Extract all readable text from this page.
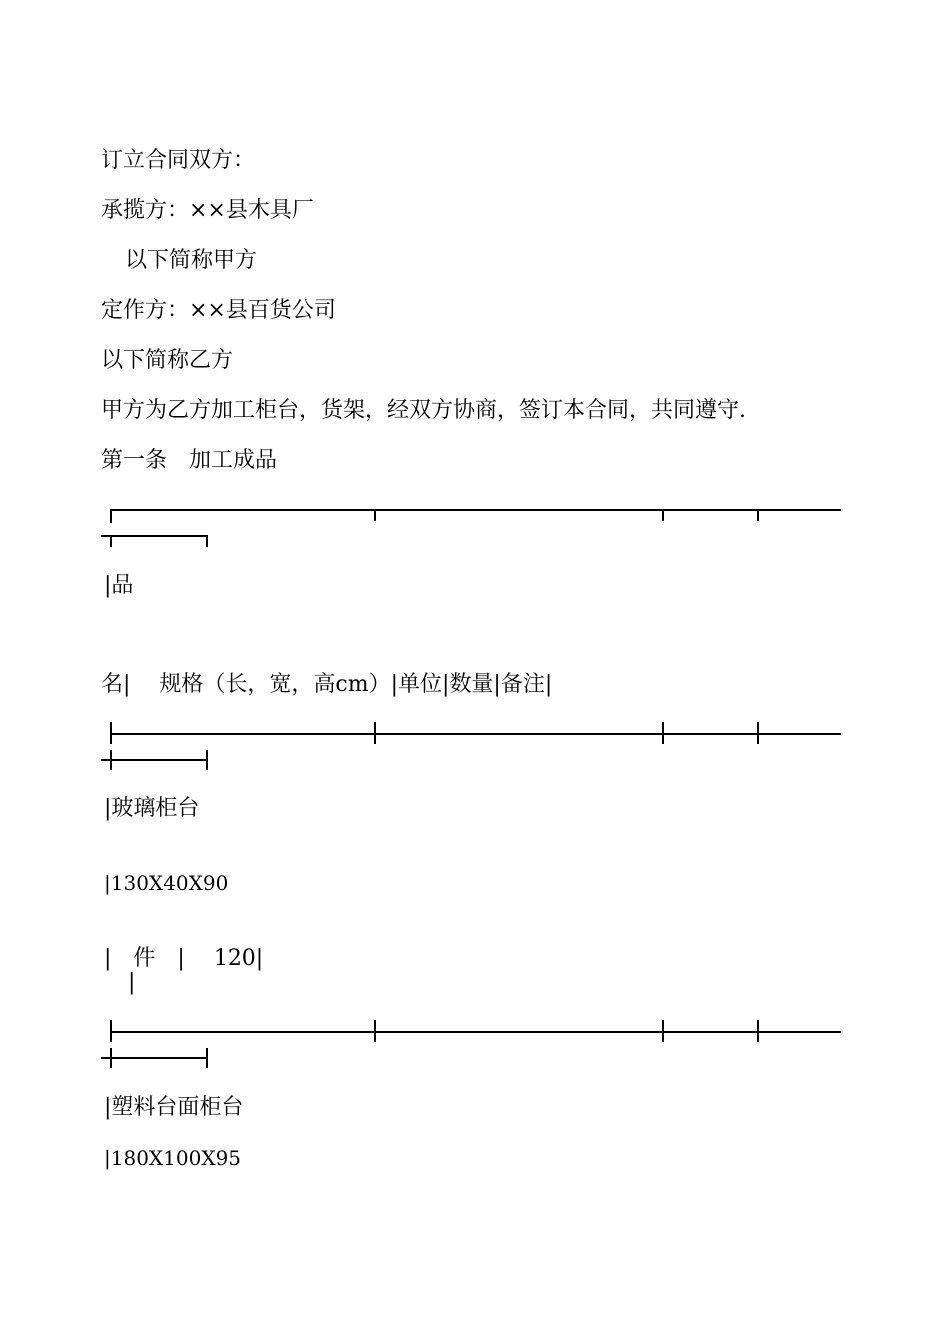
订立合同双方：

承揽方：××县木具厂

以下简称甲方

定作方：××县百货公司

以下简称乙方

甲方为乙方加工柜台，货架，经双方协商，签订本合同，共同遵守.

第一条　加工成品

|品

名|　 规格（长，宽，高cm）|单位|数量|备注|

|玻璃柜台

|130X40X90

|　件　|　 120|

|

|塑料台面柜台

|180X100X95
